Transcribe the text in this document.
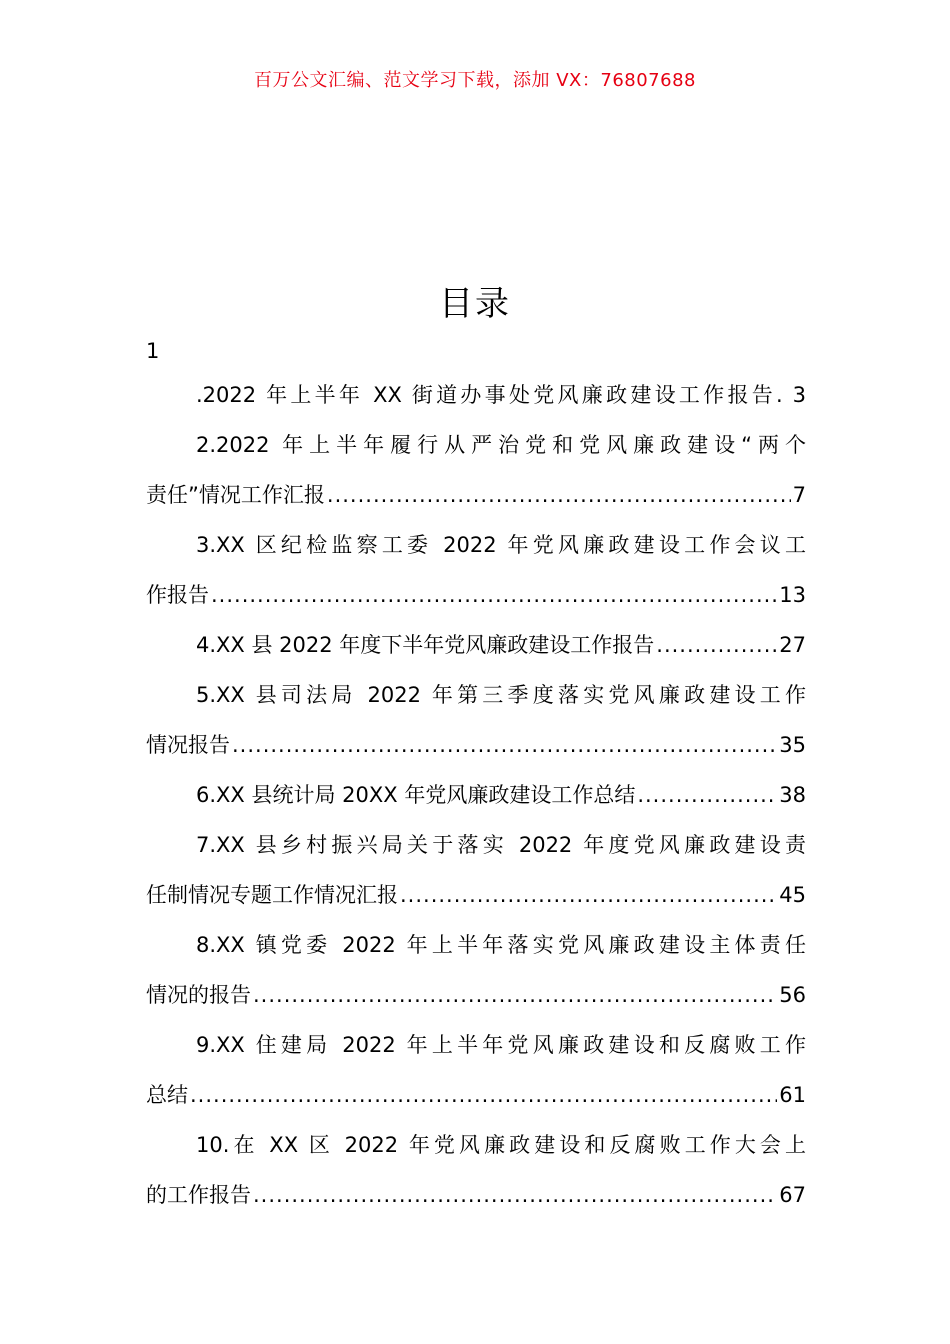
百万公文汇编、范文学习下载，添加 VX：76807688
目录
1
.2022 年上半年 XX 街道办事处党风廉政建设工作报告. 3
2.2022 年上半年履行从严治党和党风廉政建设“两个
责任”情况工作汇报 .....	7
3.XX 区纪检监察工委 2022 年党风廉政建设工作会议工
作报告 .....	13
4.XX 县 2022 年度下半年党风廉政建设工作报告 .....	27
5.XX 县司法局 2022 年第三季度落实党风廉政建设工作
情况报告 .....	35
6.XX 县统计局 20XX 年党风廉政建设工作总结 .....	38
7.XX 县乡村振兴局关于落实 2022 年度党风廉政建设责
任制情况专题工作情况汇报 .....	45
8.XX 镇党委 2022 年上半年落实党风廉政建设主体责任
情况的报告 .....	56
9.XX 住建局 2022 年上半年党风廉政建设和反腐败工作
总结 .....	61
10.在 XX 区 2022 年党风廉政建设和反腐败工作大会上
的工作报告 .....	67
